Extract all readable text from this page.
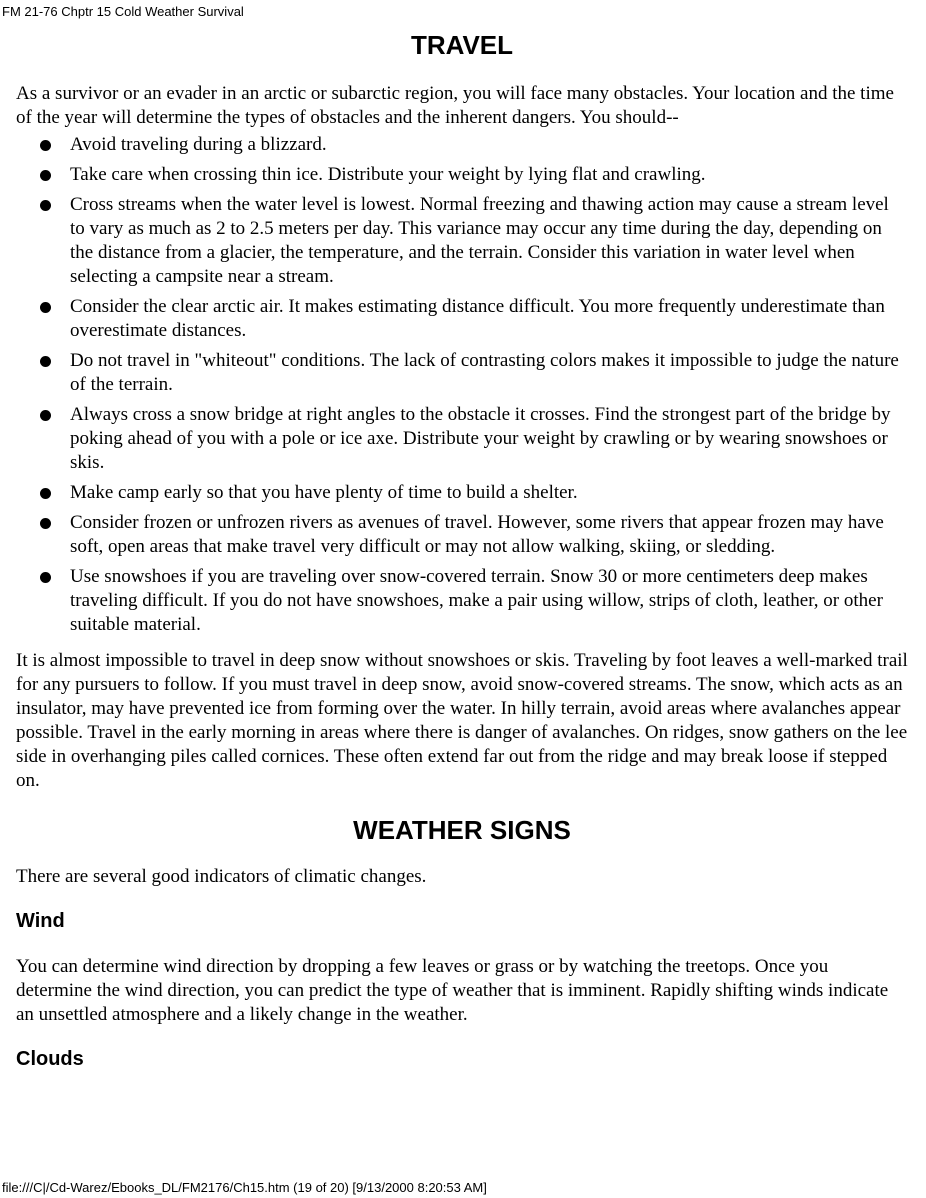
FM 21-76 Chptr 15 Cold Weather Survival
TRAVEL

As a survivor or an evader in an arctic or subarctic region, you will face many obstacles. Your location and the time of the year will determine the types of obstacles and the inherent dangers. You should--

Avoid traveling during a blizzard.
Take care when crossing thin ice. Distribute your weight by lying flat and crawling.
Cross streams when the water level is lowest. Normal freezing and thawing action may cause a stream level to vary as much as 2 to 2.5 meters per day. This variance may occur any time during the day, depending on the distance from a glacier, the temperature, and the terrain. Consider this variation in water level when selecting a campsite near a stream.
Consider the clear arctic air. It makes estimating distance difficult. You more frequently underestimate than overestimate distances.
Do not travel in "whiteout" conditions. The lack of contrasting colors makes it impossible to judge the nature of the terrain.
Always cross a snow bridge at right angles to the obstacle it crosses. Find the strongest part of the bridge by poking ahead of you with a pole or ice axe. Distribute your weight by crawling or by wearing snowshoes or skis.
Make camp early so that you have plenty of time to build a shelter.
Consider frozen or unfrozen rivers as avenues of travel. However, some rivers that appear frozen may have soft, open areas that make travel very difficult or may not allow walking, skiing, or sledding.
Use snowshoes if you are traveling over snow-covered terrain. Snow 30 or more centimeters deep makes traveling difficult. If you do not have snowshoes, make a pair using willow, strips of cloth, leather, or other suitable material.

It is almost impossible to travel in deep snow without snowshoes or skis. Traveling by foot leaves a well-marked trail for any pursuers to follow. If you must travel in deep snow, avoid snow-covered streams. The snow, which acts as an insulator, may have prevented ice from forming over the water. In hilly terrain, avoid areas where avalanches appear possible. Travel in the early morning in areas where there is danger of avalanches. On ridges, snow gathers on the lee side in overhanging piles called cornices. These often extend far out from the ridge and may break loose if stepped on.

WEATHER SIGNS

There are several good indicators of climatic changes.

Wind

You can determine wind direction by dropping a few leaves or grass or by watching the treetops. Once you determine the wind direction, you can predict the type of weather that is imminent. Rapidly shifting winds indicate an unsettled atmosphere and a likely change in the weather.

Clouds
file:///C|/Cd-Warez/Ebooks_DL/FM2176/Ch15.htm (19 of 20) [9/13/2000 8:20:53 AM]
